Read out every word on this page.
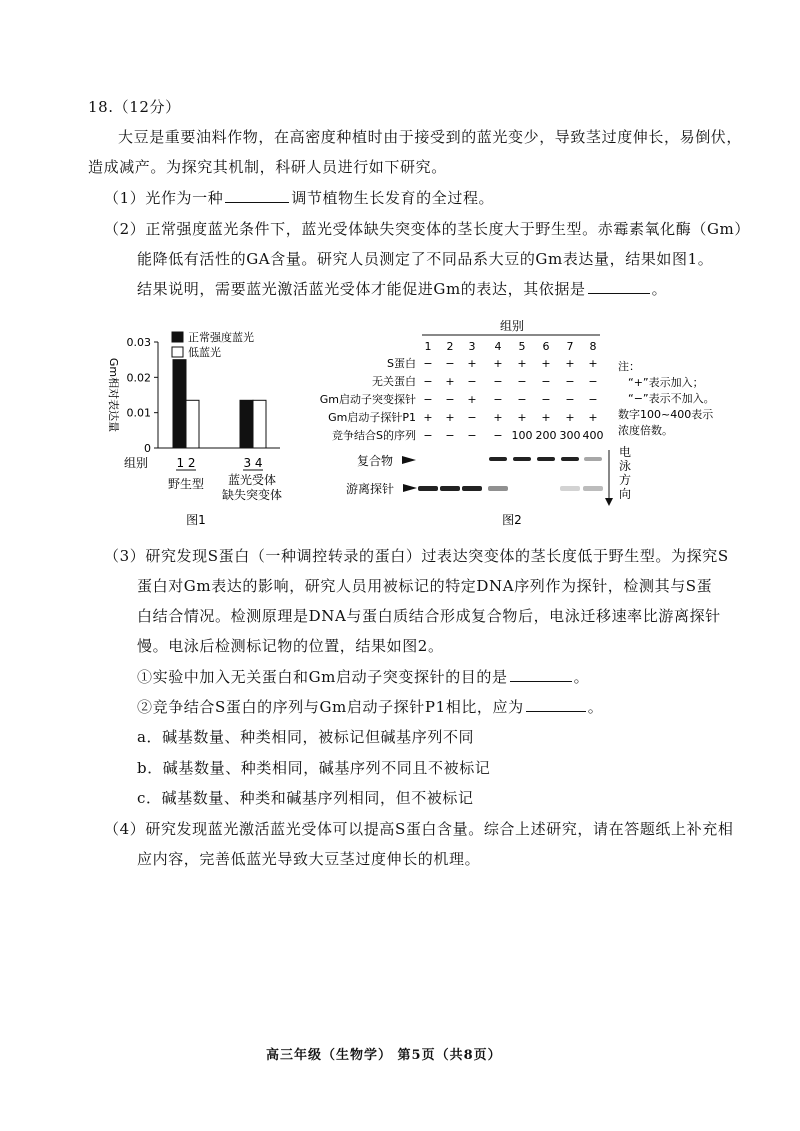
18.（12分）
大豆是重要油料作物，在高密度种植时由于接受到的蓝光变少，导致茎过度伸长，易倒伏，
造成减产。为探究其机制，科研人员进行如下研究。
（1）光作为一种	调节植物生长发育的全过程。
（2）正常强度蓝光条件下，蓝光受体缺失突变体的茎长度大于野生型。赤霉素氧化酶（Gm）
能降低有活性的GA含量。研究人员测定了不同品系大豆的Gm表达量，结果如图1。
结果说明，需要蓝光激活蓝光受体才能促进Gm的表达，其依据是	。
Gm相对表达量
0.03
0.02
0.01
0
正常强度蓝光
低蓝光
组别 1 2	3 4
野生型 蓝光受体
缺失突变体
图1
组别
1 2 3 4 5 6 7 8
S蛋白 − − + + + + + +
无关蛋白 − + − − − − − −
Gm启动子突变探针 − − + − − − − −
Gm启动子探针P1 + + − + + + + +
竞争结合S的序列 − − − − 100 200 300 400
复合物
游离探针
电
泳
方
向
注：
“+”表示加入；
“−”表示不加入。
数字100~400表示
浓度倍数。
图2
（3）研究发现S蛋白（一种调控转录的蛋白）过表达突变体的茎长度低于野生型。为探究S
蛋白对Gm表达的影响，研究人员用被标记的特定DNA序列作为探针，检测其与S蛋
白结合情况。检测原理是DNA与蛋白质结合形成复合物后，电泳迁移速率比游离探针
慢。电泳后检测标记物的位置，结果如图2。
①实验中加入无关蛋白和Gm启动子突变探针的目的是	。
②竞争结合S蛋白的序列与Gm启动子探针P1相比，应为	。
a．碱基数量、种类相同，被标记但碱基序列不同
b．碱基数量、种类相同，碱基序列不同且不被标记
c．碱基数量、种类和碱基序列相同，但不被标记
（4）研究发现蓝光激活蓝光受体可以提高S蛋白含量。综合上述研究，请在答题纸上补充相
应内容，完善低蓝光导致大豆茎过度伸长的机理。
高三年级（生物学） 第5页（共8页）
